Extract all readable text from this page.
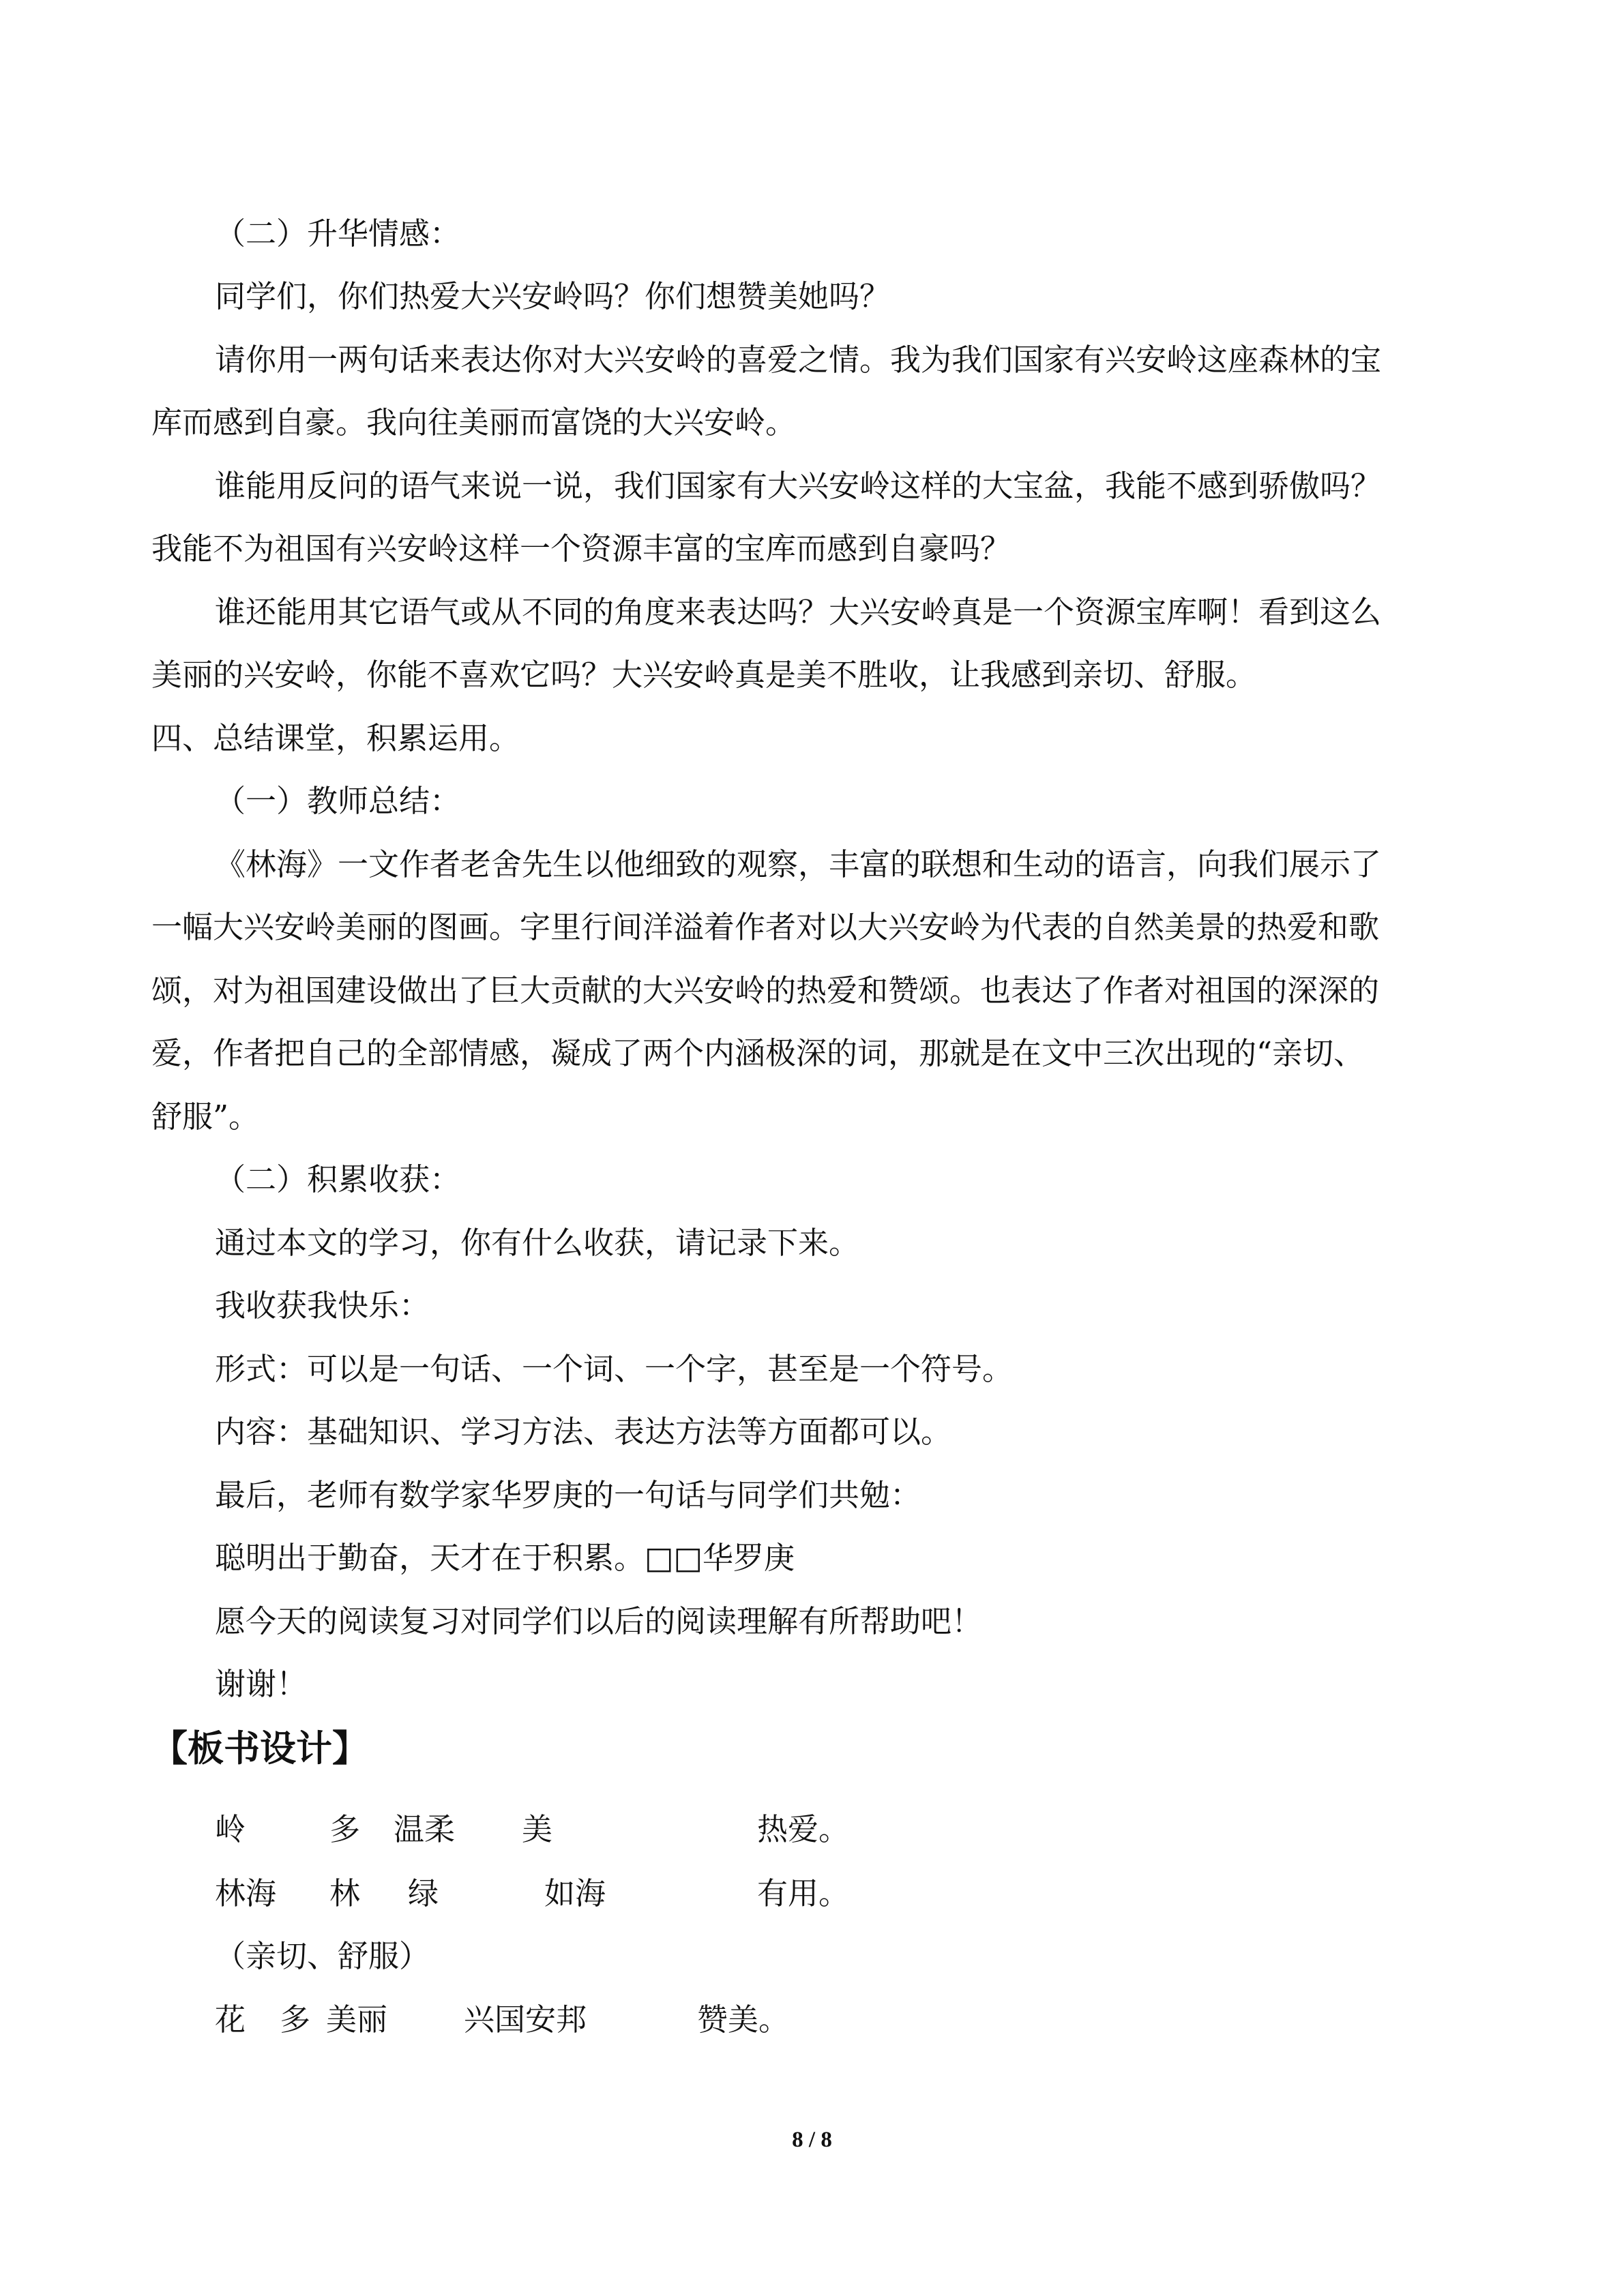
（二）升华情感：
同学们，你们热爱大兴安岭吗？你们想赞美她吗？
请你用一两句话来表达你对大兴安岭的喜爱之情。我为我们国家有兴安岭这座森林的宝
库而感到自豪。我向往美丽而富饶的大兴安岭。
谁能用反问的语气来说一说，我们国家有大兴安岭这样的大宝盆，我能不感到骄傲吗？
我能不为祖国有兴安岭这样一个资源丰富的宝库而感到自豪吗？
谁还能用其它语气或从不同的角度来表达吗？大兴安岭真是一个资源宝库啊！看到这么
美丽的兴安岭，你能不喜欢它吗？大兴安岭真是美不胜收，让我感到亲切、舒服。
四、总结课堂，积累运用。
（一）教师总结：
《林海》一文作者老舍先生以他细致的观察，丰富的联想和生动的语言，向我们展示了
一幅大兴安岭美丽的图画。字里行间洋溢着作者对以大兴安岭为代表的自然美景的热爱和歌
颂，对为祖国建设做出了巨大贡献的大兴安岭的热爱和赞颂。也表达了作者对祖国的深深的
爱，作者把自己的全部情感，凝成了两个内涵极深的词，那就是在文中三次出现的“亲切、
舒服”。
（二）积累收获：
通过本文的学习，你有什么收获，请记录下来。
我收获我快乐：
形式：可以是一句话、一个词、一个字，甚至是一个符号。
内容：基础知识、学习方法、表达方法等方面都可以。
最后，老师有数学家华罗庚的一句话与同学们共勉：
聪明出于勤奋，天才在于积累。□□华罗庚
愿今天的阅读复习对同学们以后的阅读理解有所帮助吧！
谢谢！
【板书设计】
岭	多 温柔 美	热爱。
林海 林 绿	如海	有用。
（亲切、舒服）
花 多 美丽 兴国安邦	赞美。
8 / 8
